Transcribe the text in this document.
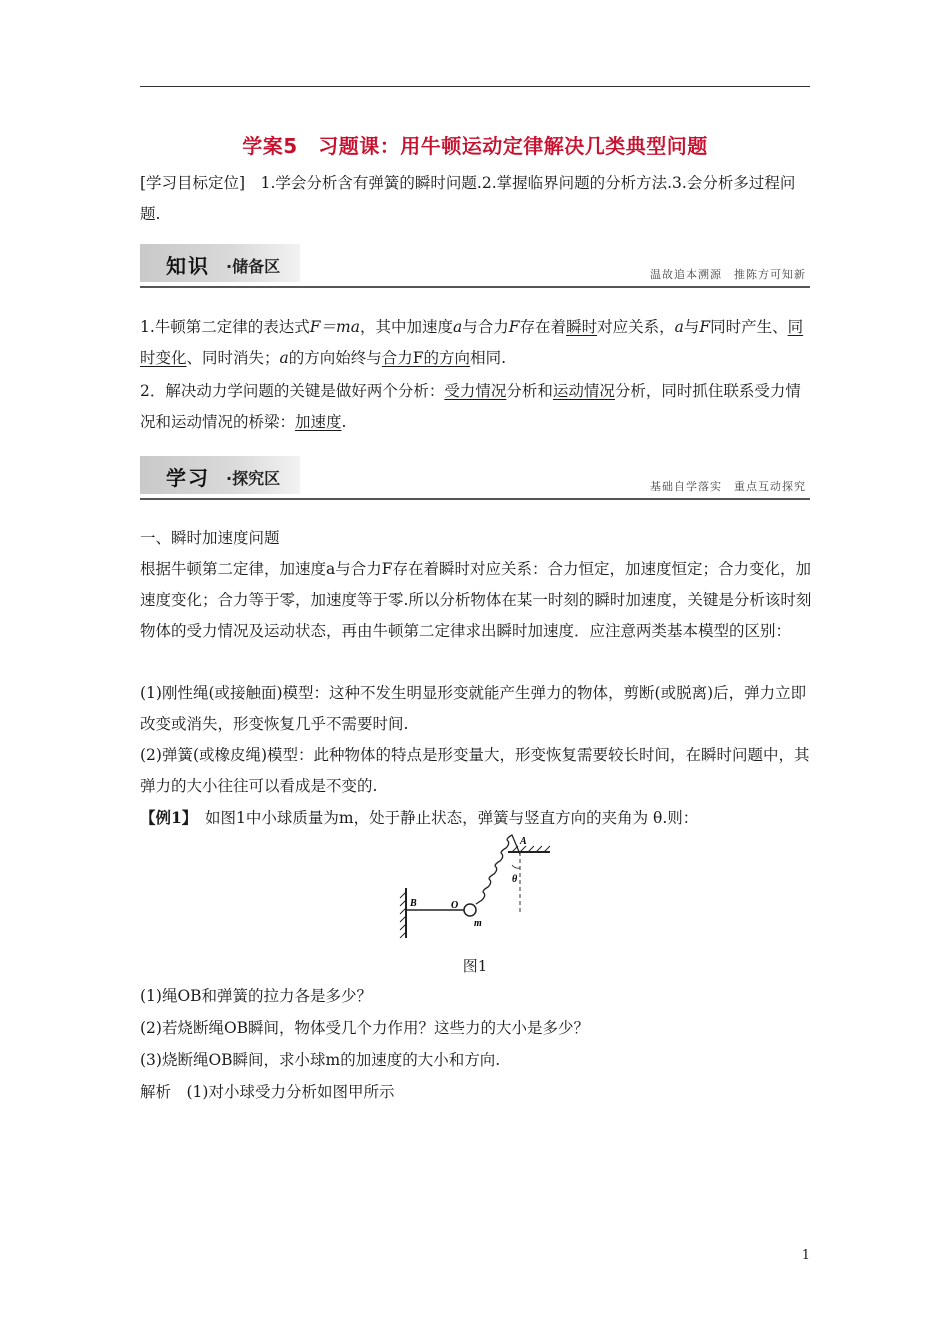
学案5　习题课：用牛顿运动定律解决几类典型问题
[学习目标定位]　1.学会分析含有弹簧的瞬时问题.2.掌握临界问题的分析方法.3.会分析多过程问题.
知识 ·储备区	温故追本溯源　推陈方可知新
1.牛顿第二定律的表达式F＝ma，其中加速度a与合力F存在着瞬时对应关系，a与F同时产生、同时变化、同时消失；a的方向始终与合力F的方向相同.
2．解决动力学问题的关键是做好两个分析：受力情况分析和运动情况分析，同时抓住联系受力情况和运动情况的桥梁：加速度.
学习 ·探究区	基础自学落实　重点互动探究
一、瞬时加速度问题
根据牛顿第二定律，加速度a与合力F存在着瞬时对应关系：合力恒定，加速度恒定；合力变化，加速度变化；合力等于零，加速度等于零.所以分析物体在某一时刻的瞬时加速度，关键是分析该时刻物体的受力情况及运动状态，再由牛顿第二定律求出瞬时加速度．应注意两类基本模型的区别：
(1)刚性绳(或接触面)模型：这种不发生明显形变就能产生弹力的物体，剪断(或脱离)后，弹力立即改变或消失，形变恢复几乎不需要时间.
(2)弹簧(或橡皮绳)模型：此种物体的特点是形变量大，形变恢复需要较长时间，在瞬时问题中，其弹力的大小往往可以看成是不变的.
【例1】　如图1中小球质量为m，处于静止状态，弹簧与竖直方向的夹角为 θ.则：
A
B	O
m
θ
图1
(1)绳OB和弹簧的拉力各是多少？
(2)若烧断绳OB瞬间，物体受几个力作用？这些力的大小是多少？
(3)烧断绳OB瞬间，求小球m的加速度的大小和方向.
解析　(1)对小球受力分析如图甲所示
1
